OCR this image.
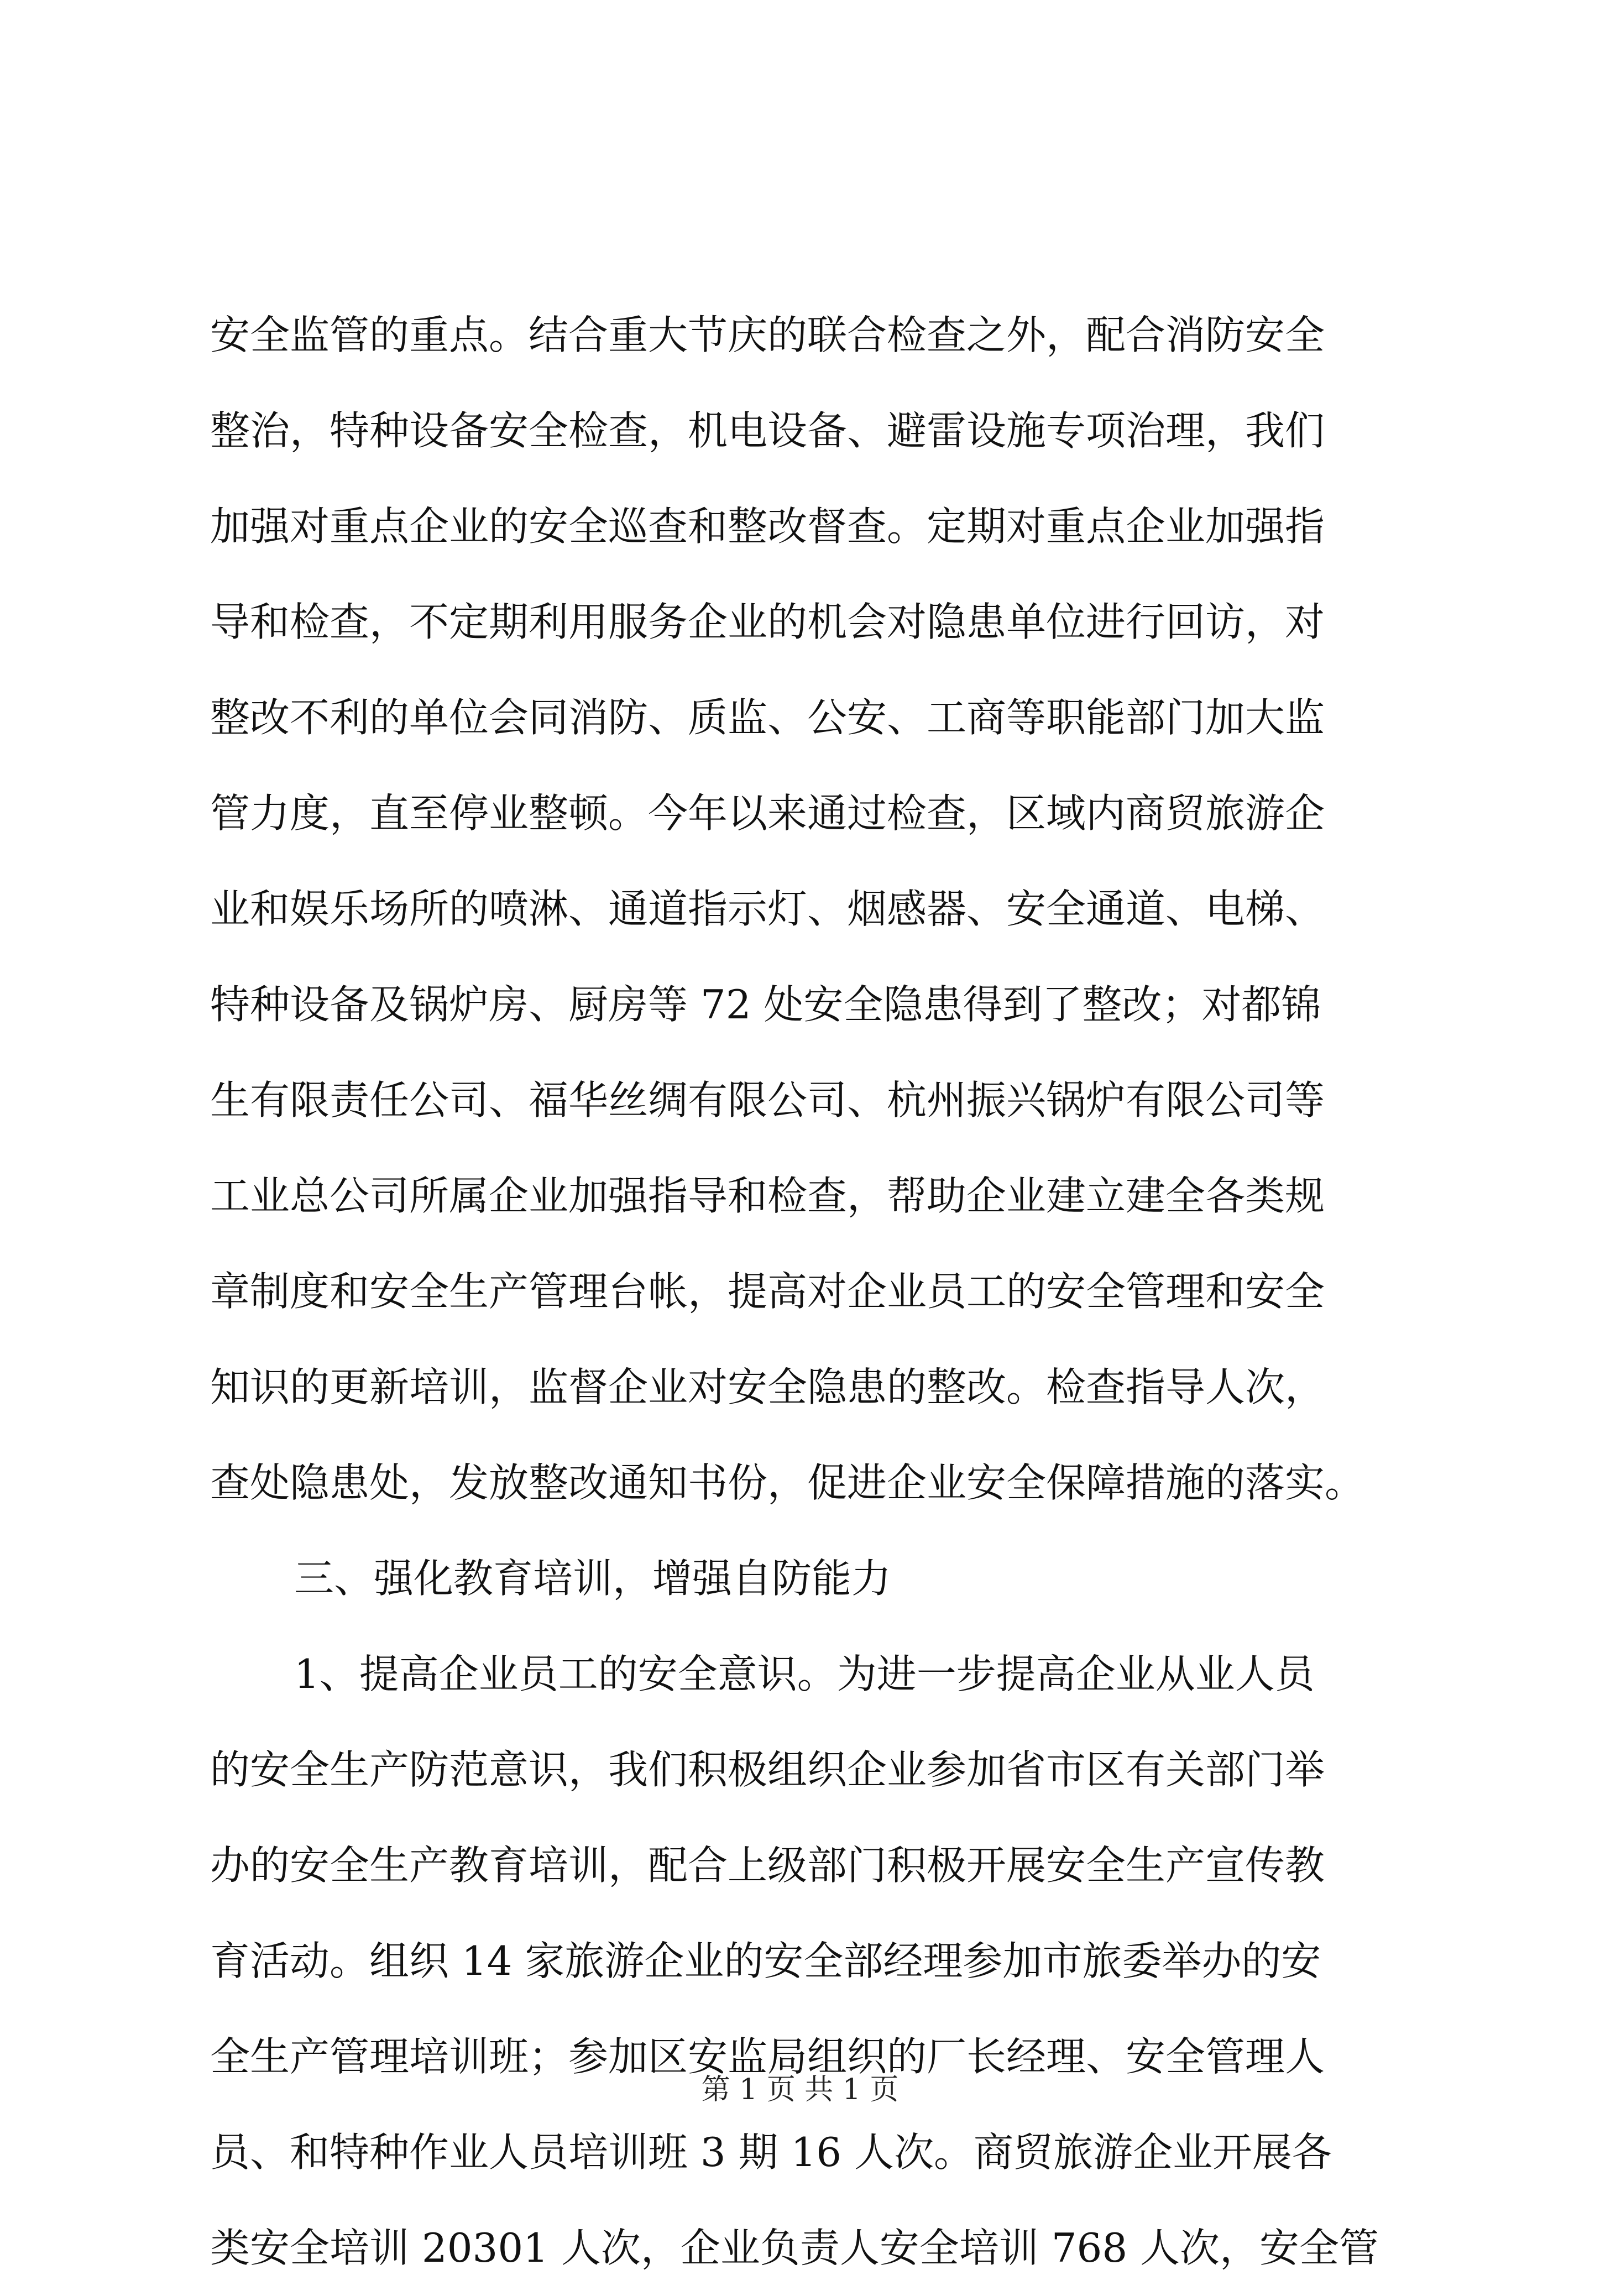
安全监管的重点。结合重大节庆的联合检查之外，配合消防安全
整治，特种设备安全检查，机电设备、避雷设施专项治理，我们
加强对重点企业的安全巡查和整改督查。定期对重点企业加强指
导和检查，不定期利用服务企业的机会对隐患单位进行回访，对
整改不利的单位会同消防、质监、公安、工商等职能部门加大监
管力度，直至停业整顿。今年以来通过检查，区域内商贸旅游企
业和娱乐场所的喷淋、通道指示灯、烟感器、安全通道、电梯、
特种设备及锅炉房、厨房等 72 处安全隐患得到了整改；对都锦
生有限责任公司、福华丝绸有限公司、杭州振兴锅炉有限公司等
工业总公司所属企业加强指导和检查，帮助企业建立建全各类规
章制度和安全生产管理台帐，提高对企业员工的安全管理和安全
知识的更新培训，监督企业对安全隐患的整改。检查指导人次，
查处隐患处，发放整改通知书份，促进企业安全保障措施的落实。
三、强化教育培训，增强自防能力
1、提高企业员工的安全意识。为进一步提高企业从业人员
的安全生产防范意识，我们积极组织企业参加省市区有关部门举
办的安全生产教育培训，配合上级部门积极开展安全生产宣传教
育活动。组织 14 家旅游企业的安全部经理参加市旅委举办的安
全生产管理培训班；参加区安监局组织的厂长经理、安全管理人
员、和特种作业人员培训班 3 期 16 人次。商贸旅游企业开展各
类安全培训 20301 人次，企业负责人安全培训 768 人次，安全管
第 1 页 共 1 页
